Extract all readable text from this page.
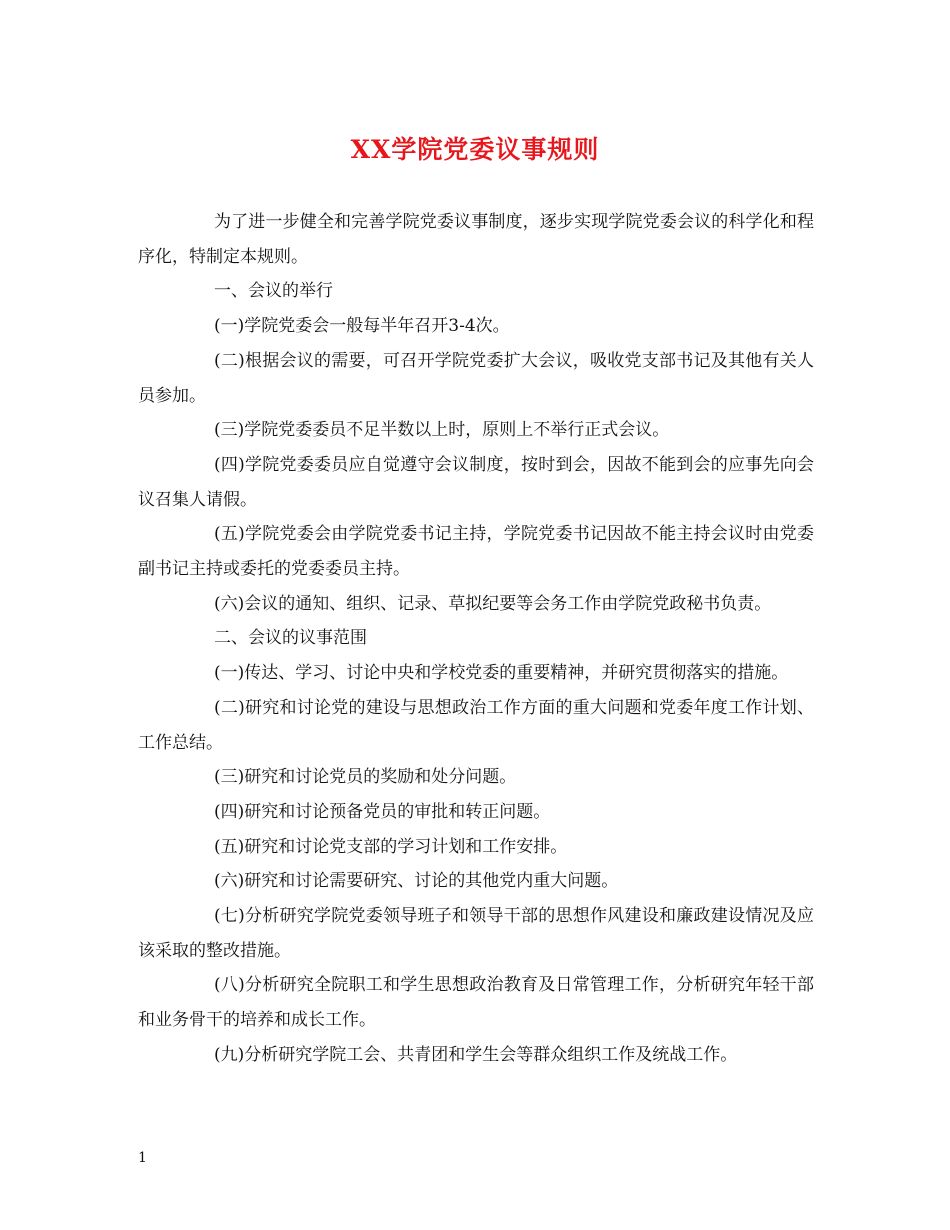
XX学院党委议事规则

为了进一步健全和完善学院党委议事制度，逐步实现学院党委会议的科学化和程序化，特制定本规则。

一、会议的举行

(一)学院党委会一般每半年召开3-4次。

(二)根据会议的需要，可召开学院党委扩大会议，吸收党支部书记及其他有关人员参加。

(三)学院党委委员不足半数以上时，原则上不举行正式会议。

(四)学院党委委员应自觉遵守会议制度，按时到会，因故不能到会的应事先向会议召集人请假。

(五)学院党委会由学院党委书记主持，学院党委书记因故不能主持会议时由党委副书记主持或委托的党委委员主持。

(六)会议的通知、组织、记录、草拟纪要等会务工作由学院党政秘书负责。

二、会议的议事范围

(一)传达、学习、讨论中央和学校党委的重要精神，并研究贯彻落实的措施。

(二)研究和讨论党的建设与思想政治工作方面的重大问题和党委年度工作计划、工作总结。

(三)研究和讨论党员的奖励和处分问题。

(四)研究和讨论预备党员的审批和转正问题。

(五)研究和讨论党支部的学习计划和工作安排。

(六)研究和讨论需要研究、讨论的其他党内重大问题。

(七)分析研究学院党委领导班子和领导干部的思想作风建设和廉政建设情况及应该采取的整改措施。

(八)分析研究全院职工和学生思想政治教育及日常管理工作，分析研究年轻干部和业务骨干的培养和成长工作。

(九)分析研究学院工会、共青团和学生会等群众组织工作及统战工作。

1
